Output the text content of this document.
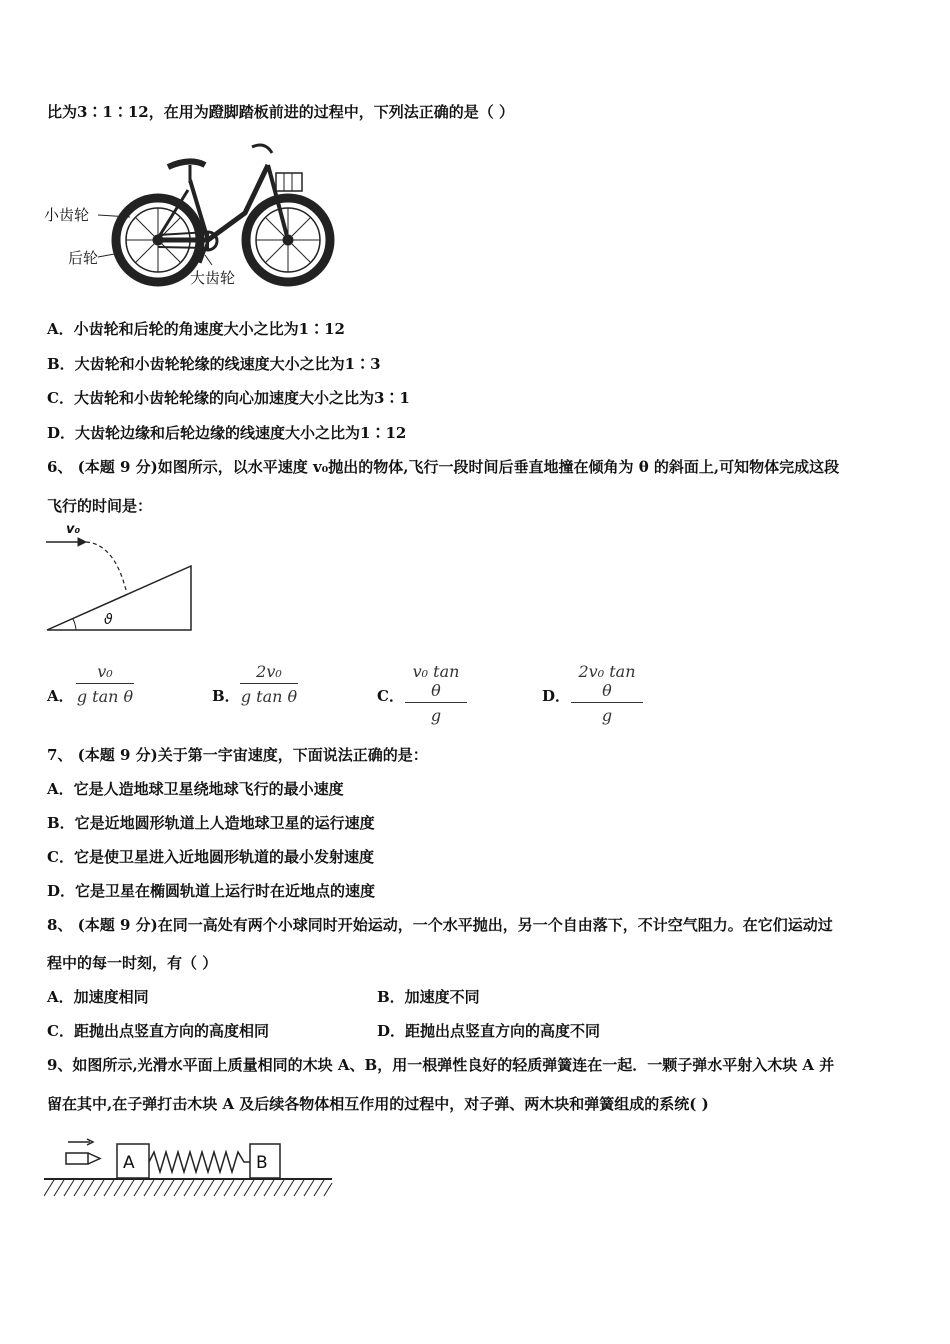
比为3∶1∶12，在用为蹬脚踏板前进的过程中，下列法正确的是（ ）
小齿轮
后轮
大齿轮
A．小齿轮和后轮的角速度大小之比为1∶12
B．大齿轮和小齿轮轮缘的线速度大小之比为1∶3
C．大齿轮和小齿轮轮缘的向心加速度大小之比为3∶1
D．大齿轮边缘和后轮边缘的线速度大小之比为1∶12
6、 (本题 9 分)如图所示，以水平速度 v₀抛出的物体,飞行一段时间后垂直地撞在倾角为 θ 的斜面上,可知物体完成这段
飞行的时间是：
v₀
ϑ
A． $\frac{\text{v₀}}{\text{g tan θ}}$	B． $\frac{\text{2v₀}}{\text{g tan θ}}$	C． $\frac{\text{v₀ tan θ}}{g}$	D． $\frac{\text{2v₀ tan θ}}{g}$
7、 (本题 9 分)关于第一宇宙速度，下面说法正确的是：
A．它是人造地球卫星绕地球飞行的最小速度
B．它是近地圆形轨道上人造地球卫星的运行速度
C．它是使卫星进入近地圆形轨道的最小发射速度
D．它是卫星在椭圆轨道上运行时在近地点的速度
8、 (本题 9 分)在同一高处有两个小球同时开始运动，一个水平抛出，另一个自由落下，不计空气阻力。在它们运动过
程中的每一时刻，有（ ）
A．加速度相同	B．加速度不同
C．距抛出点竖直方向的高度相同	D．距抛出点竖直方向的高度不同
9、如图所示,光滑水平面上质量相同的木块 A、B，用一根弹性良好的轻质弹簧连在一起．一颗子弹水平射入木块 A 并
留在其中,在子弹打击木块 A 及后续各物体相互作用的过程中，对子弹、两木块和弹簧组成的系统( )
A	B
